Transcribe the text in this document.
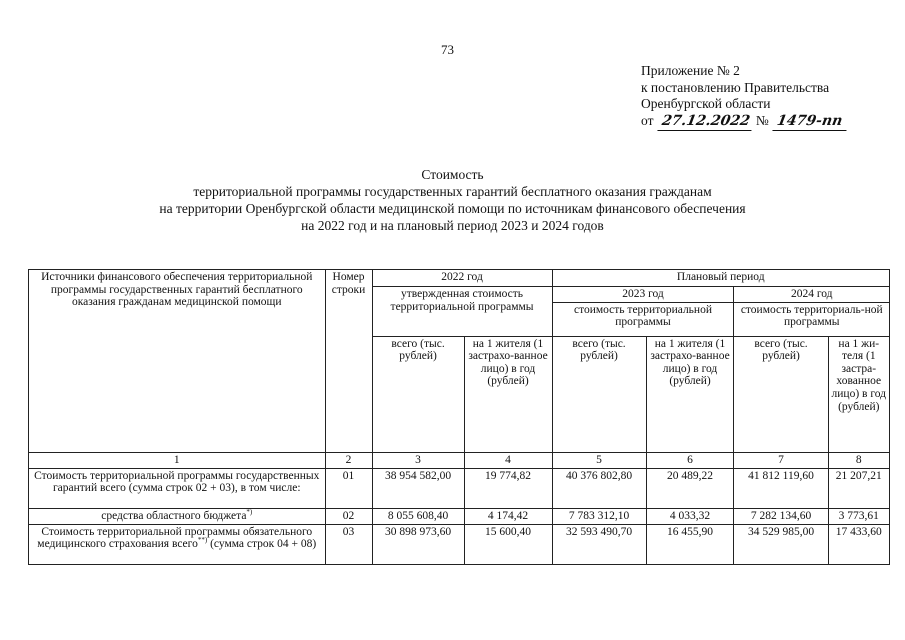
73
Приложение № 2
к постановлению Правительства
Оренбургской области
от 27.12.2022 № 1479-пп
Стоимость
территориальной программы государственных гарантий бесплатного оказания гражданам
на территории Оренбургской области медицинской помощи по источникам финансового обеспечения
на 2022 год и на плановый период 2023 и 2024 годов
Источники финансового обеспечения территориальной программы государственных гарантий бесплатного оказания гражданам медицинской помощи	Номер строки	2022 год		Плановый период			
		утвержденная стоимость территориальной программы		2023 год		2024 год	
				стоимость территориальной программы		стоимость территориаль-ной программы	
		всего (тыс. рублей)	на 1 жителя (1 застрахо-ванное лицо) в год (рублей)	всего (тыс. рублей)	на 1 жителя (1 застрахо-ванное лицо) в год (рублей)	всего (тыс. рублей)	на 1 жи-теля (1 застра-хованное лицо) в год (рублей)
1	2	3	4	5	6	7	8
Стоимость территориальной программы государственных гарантий всего (сумма строк 02 + 03), в том числе:	01	38 954 582,00	19 774,82	40 376 802,80	20 489,22	41 812 119,60	21 207,21
средства областного бюджета*)	02	8 055 608,40	4 174,42	7 783 312,10	4 033,32	7 282 134,60	3 773,61
Стоимость территориальной программы обязательного медицинского страхования всего**) (сумма строк 04 + 08)	03	30 898 973,60	15 600,40	32 593 490,70	16 455,90	34 529 985,00	17 433,60
